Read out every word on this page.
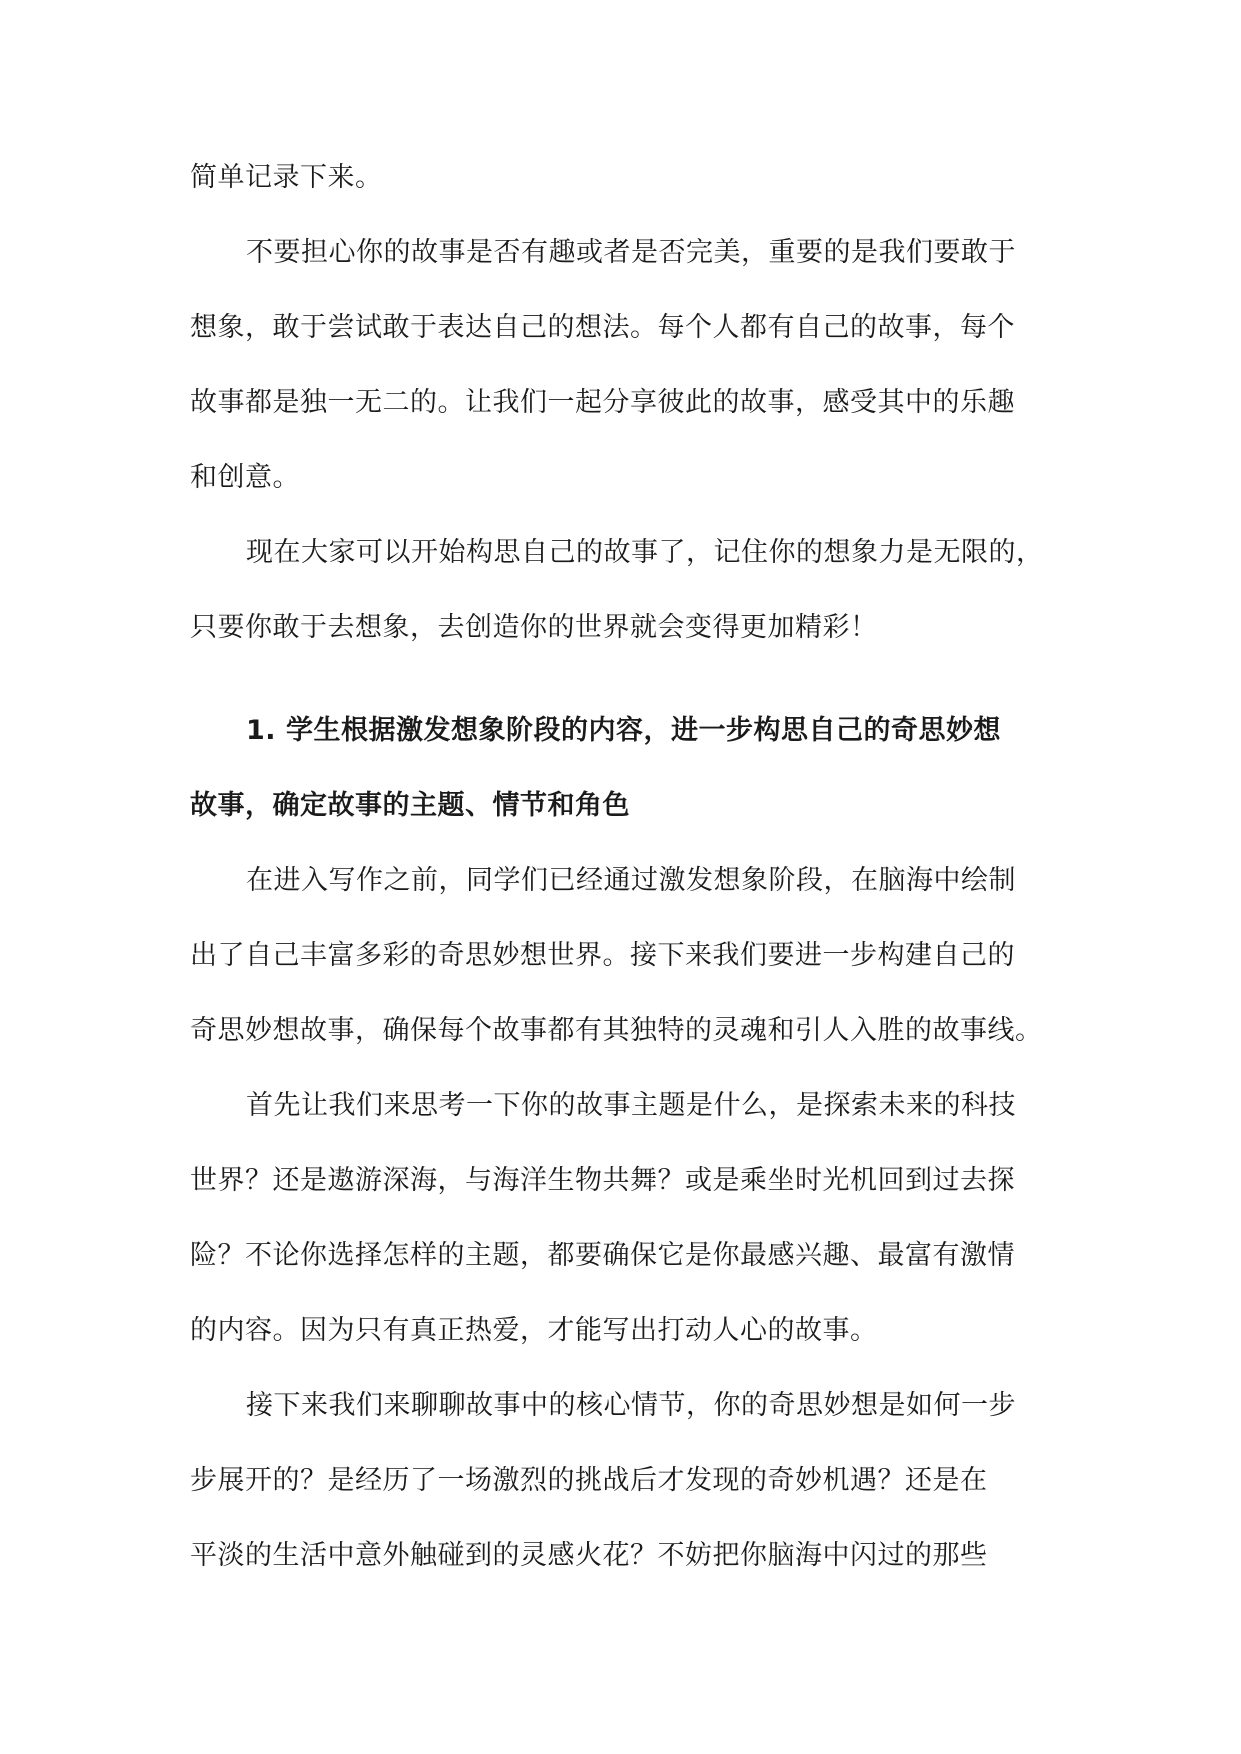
简单记录下来。
不要担心你的故事是否有趣或者是否完美，重要的是我们要敢于
想象，敢于尝试敢于表达自己的想法。每个人都有自己的故事，每个
故事都是独一无二的。让我们一起分享彼此的故事，感受其中的乐趣
和创意。
现在大家可以开始构思自己的故事了，记住你的想象力是无限的，
只要你敢于去想象，去创造你的世界就会变得更加精彩！
1. 学生根据激发想象阶段的内容，进一步构思自己的奇思妙想
故事，确定故事的主题、情节和角色
在进入写作之前，同学们已经通过激发想象阶段，在脑海中绘制
出了自己丰富多彩的奇思妙想世界。接下来我们要进一步构建自己的
奇思妙想故事，确保每个故事都有其独特的灵魂和引人入胜的故事线。
首先让我们来思考一下你的故事主题是什么，是探索未来的科技
世界？还是遨游深海，与海洋生物共舞？或是乘坐时光机回到过去探
险？不论你选择怎样的主题，都要确保它是你最感兴趣、最富有激情
的内容。因为只有真正热爱，才能写出打动人心的故事。
接下来我们来聊聊故事中的核心情节，你的奇思妙想是如何一步
步展开的？是经历了一场激烈的挑战后才发现的奇妙机遇？还是在
平淡的生活中意外触碰到的灵感火花？不妨把你脑海中闪过的那些
